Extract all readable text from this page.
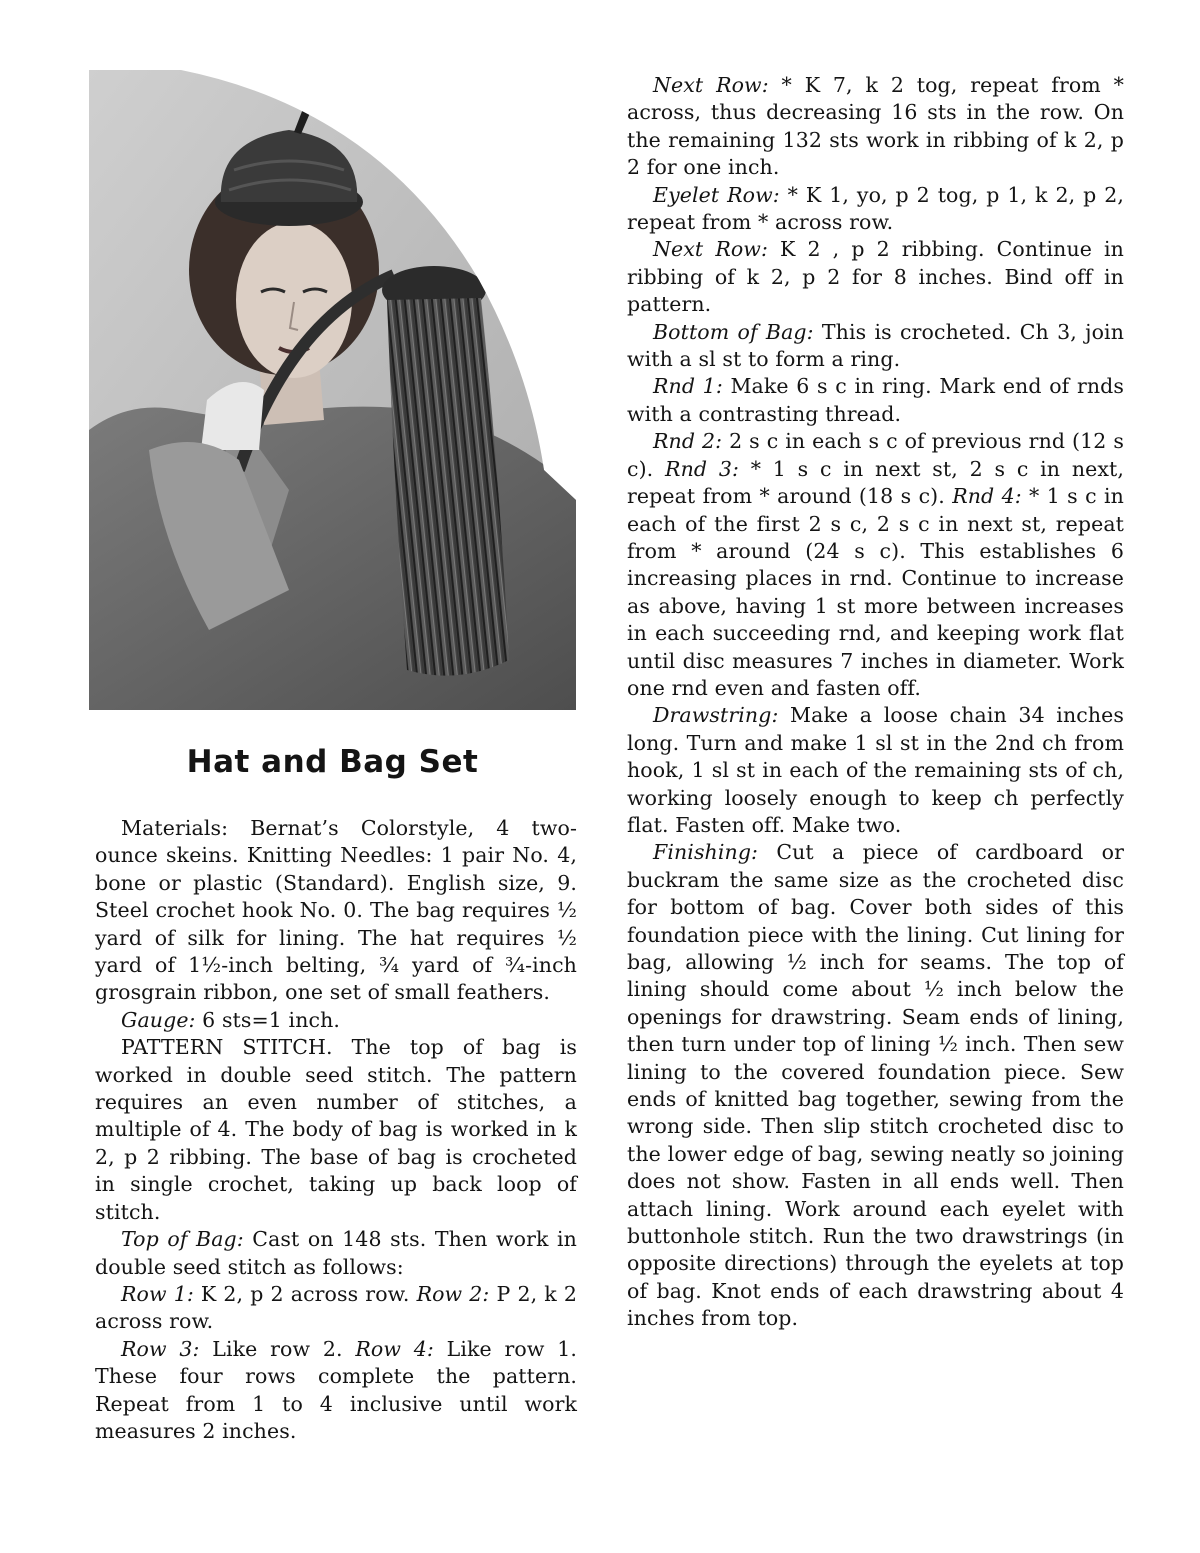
Hat and Bag Set

Materials: Bernat’s Colorstyle, 4 two-ounce skeins. Knitting Needles: 1 pair No. 4, bone or plastic (Standard). English size, 9. Steel crochet hook No. 0. The bag requires ½ yard of silk for lining. The hat requires ½ yard of 1½-inch belting, ¾ yard of ¾-inch grosgrain ribbon, one set of small feathers.

Gauge: 6 sts=1 inch.

PATTERN STITCH. The top of bag is worked in double seed stitch. The pattern requires an even number of stitches, a multiple of 4. The body of bag is worked in k 2, p 2 ribbing. The base of bag is crocheted in single crochet, taking up back loop of stitch.

Top of Bag: Cast on 148 sts. Then work in double seed stitch as follows:

Row 1: K 2, p 2 across row. Row 2: P 2, k 2 across row.

Row 3: Like row 2. Row 4: Like row 1. These four rows complete the pattern. Repeat from 1 to 4 inclusive until work measures 2 inches.

Next Row: * K 7, k 2 tog, repeat from * across, thus decreasing 16 sts in the row. On the remaining 132 sts work in ribbing of k 2, p 2 for one inch.

Eyelet Row: * K 1, yo, p 2 tog, p 1, k 2, p 2, repeat from * across row.

Next Row: K 2 , p 2 ribbing. Continue in ribbing of k 2, p 2 for 8 inches. Bind off in pattern.

Bottom of Bag: This is crocheted. Ch 3, join with a sl st to form a ring.

Rnd 1: Make 6 s c in ring. Mark end of rnds with a contrasting thread.

Rnd 2: 2 s c in each s c of previous rnd (12 s c). Rnd 3: * 1 s c in next st, 2 s c in next, repeat from * around (18 s c). Rnd 4: * 1 s c in each of the first 2 s c, 2 s c in next st, repeat from * around (24 s c). This establishes 6 increasing places in rnd. Continue to increase as above, having 1 st more between increases in each succeeding rnd, and keeping work flat until disc measures 7 inches in diameter. Work one rnd even and fasten off.

Drawstring: Make a loose chain 34 inches long. Turn and make 1 sl st in the 2nd ch from hook, 1 sl st in each of the remaining sts of ch, working loosely enough to keep ch perfectly flat. Fasten off. Make two.

Finishing: Cut a piece of cardboard or buckram the same size as the crocheted disc for bottom of bag. Cover both sides of this foundation piece with the lining. Cut lining for bag, allowing ½ inch for seams. The top of lining should come about ½ inch below the openings for drawstring. Seam ends of lining, then turn under top of lining ½ inch. Then sew lining to the covered foundation piece. Sew ends of knitted bag together, sewing from the wrong side. Then slip stitch crocheted disc to the lower edge of bag, sewing neatly so joining does not show. Fasten in all ends well. Then attach lining. Work around each eyelet with buttonhole stitch. Run the two drawstrings (in opposite directions) through the eyelets at top of bag. Knot ends of each drawstring about 4 inches from top.
